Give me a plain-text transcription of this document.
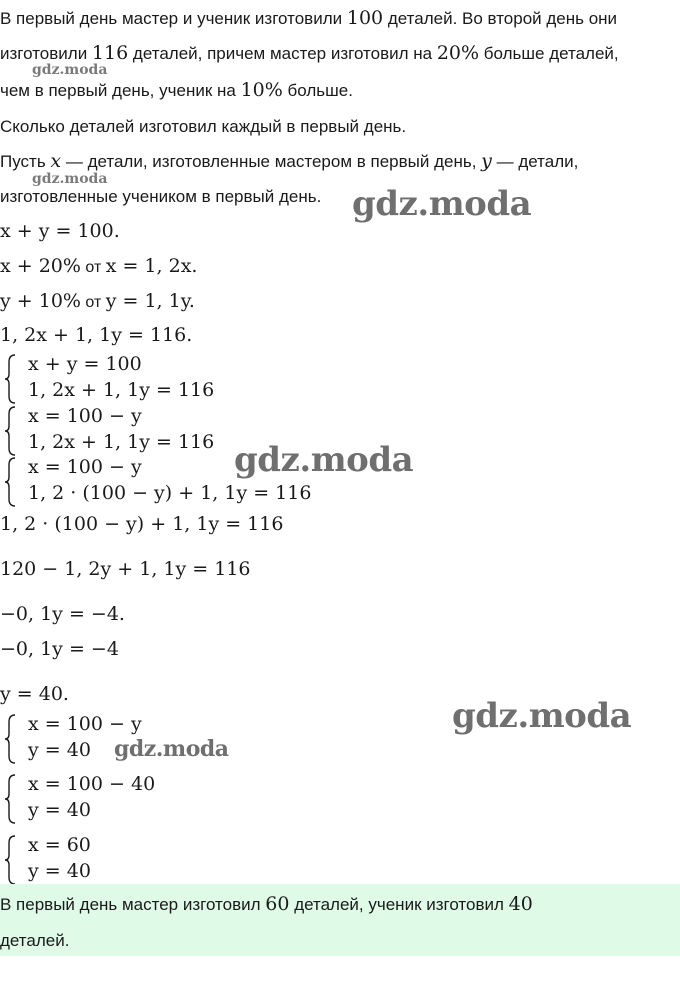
В первый день мастер и ученик изготовили 100 деталей. Во второй день они
изготовили 116 деталей, причем мастер изготовил на 20% больше деталей,
gdz.moda
чем в первый день, ученик на 10% больше.
Сколько деталей изготовил каждый в первый день.
Пусть x — детали, изготовленные мастером в первый день, y — детали,
gdz.moda
изготовленные учеником в первый день. gdz.moda
x + y = 100.
x + 20% от x = 1, 2x.
y + 10% от y = 1, 1y.
1, 2x + 1, 1y = 116.
x + y = 100
1, 2x + 1, 1y = 116
x = 100 − y
1, 2x + 1, 1y = 116 gdz.moda
x = 100 − y
1, 2 · (100 − y) + 1, 1y = 116
1, 2 · (100 − y) + 1, 1y = 116
120 − 1, 2y + 1, 1y = 116
−0, 1y = −4.
−0, 1y = −4
y = 40.
gdz.moda
x = 100 − y
y = 40 gdz.moda
x = 100 − 40
y = 40
x = 60
y = 40
В первый день мастер изготовил 60 деталей, ученик изготовил 40
деталей.
